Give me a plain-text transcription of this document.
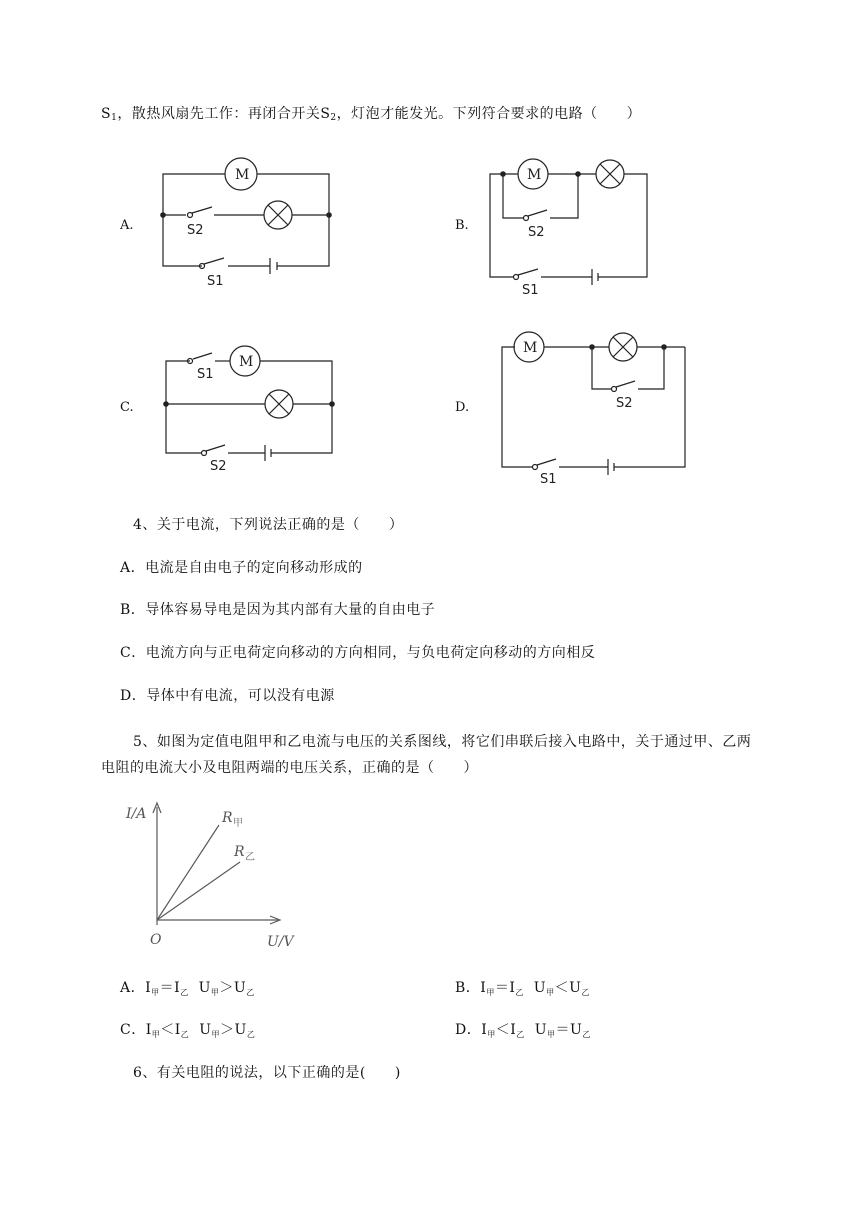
$S_1$，散热风扇先工作：再闭合开关$S_2$，灯泡才能发光。下列符合要求的电路（　　）
A.
M
S2
S1
B.
M
S2
S1
C.
M
S1
S2
D.
M
S2
S1
4、关于电流，下列说法正确的是（　　）
A．电流是自由电子的定向移动形成的
B．导体容易导电是因为其内部有大量的自由电子
C．电流方向与正电荷定向移动的方向相同，与负电荷定向移动的方向相反
D．导体中有电流，可以没有电源
5、如图为定值电阻甲和乙电流与电压的关系图线，将它们串联后接入电路中，关于通过甲、乙两
电阻的电流大小及电阻两端的电压关系，正确的是（　　）
I/A
U/V
O
R 甲
R 乙
A．$I_甲=I_乙$ $U_甲>U_乙$	B．$I_甲=I_乙$ $U_甲<U_乙$
C．$I_甲<I_乙$ $U_甲>U_乙$	D．$I_甲<I_乙$ $U_甲=U_乙$
6、有关电阻的说法，以下正确的是(　　)
